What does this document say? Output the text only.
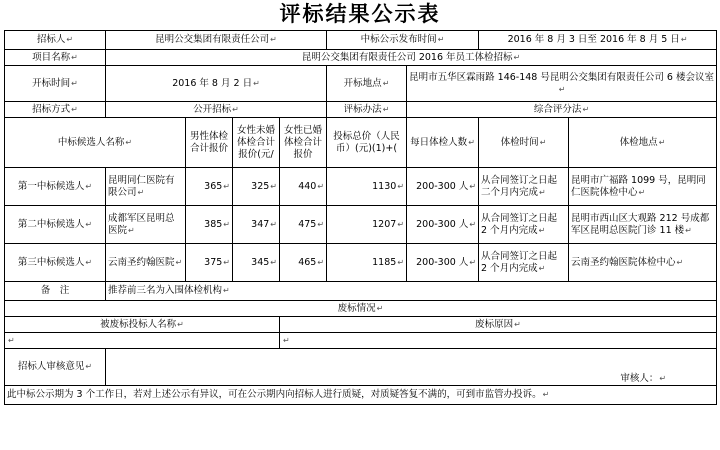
评标结果公示表
招标人 ↵	昆明公交集团有限责任公司 ↵				中标公示发布时间 ↵		2016 年 8 月 3 日至 2016 年 8 月 5 日 ↵
项目名称 ↵	昆明公交集团有限责任公司 2016 年员工体检招标 ↵
开标时间 ↵	2016 年 8 月 2 日 ↵				开标地点 ↵	昆明市五华区霖雨路 146-148 号昆明公交集团有限责任公司 6 楼会议室 ↵
招标方式 ↵	公开招标 ↵				评标办法 ↵	综合评分法 ↵
中标候选人名称 ↵		男性体检合计报价	女性未婚体检合计报价(元/	女性已婚体检合计报价	投标总价（人民币）(元)(1)+(	每日体检人数 ↵	体检时间 ↵	体检地点 ↵
第一中标候选人 ↵	昆明同仁医院有限公司 ↵	365 ↵	325 ↵	440 ↵	1130 ↵	200-300 人 ↵	从合同签订之日起二个月内完成 ↵	昆明市广福路 1099 号，昆明同仁医院体检中心 ↵
第二中标候选人 ↵	成都军区昆明总医院 ↵	385 ↵	347 ↵	475 ↵	1207 ↵	200-300 人 ↵	从合同签订之日起 2 个月内完成 ↵	昆明市西山区大观路 212 号成都军区昆明总医院门诊 11 楼 ↵
第三中标候选人 ↵	云南圣约翰医院 ↵	375 ↵	345 ↵	465 ↵	1185 ↵	200-300 人 ↵	从合同签订之日起 2 个月内完成 ↵	云南圣约翰医院体检中心 ↵
备　注	推荐前三名为入围体检机构 ↵
废标情况 ↵
被废标投标人名称 ↵				废标原因 ↵
↵	↵
招标人审核意见 ↵	审核人： ↵
此中标公示期为 3 个工作日，若对上述公示有异议，可在公示期内向招标人进行质疑，对质疑答复不满的，可到市监管办投诉。 ↵
